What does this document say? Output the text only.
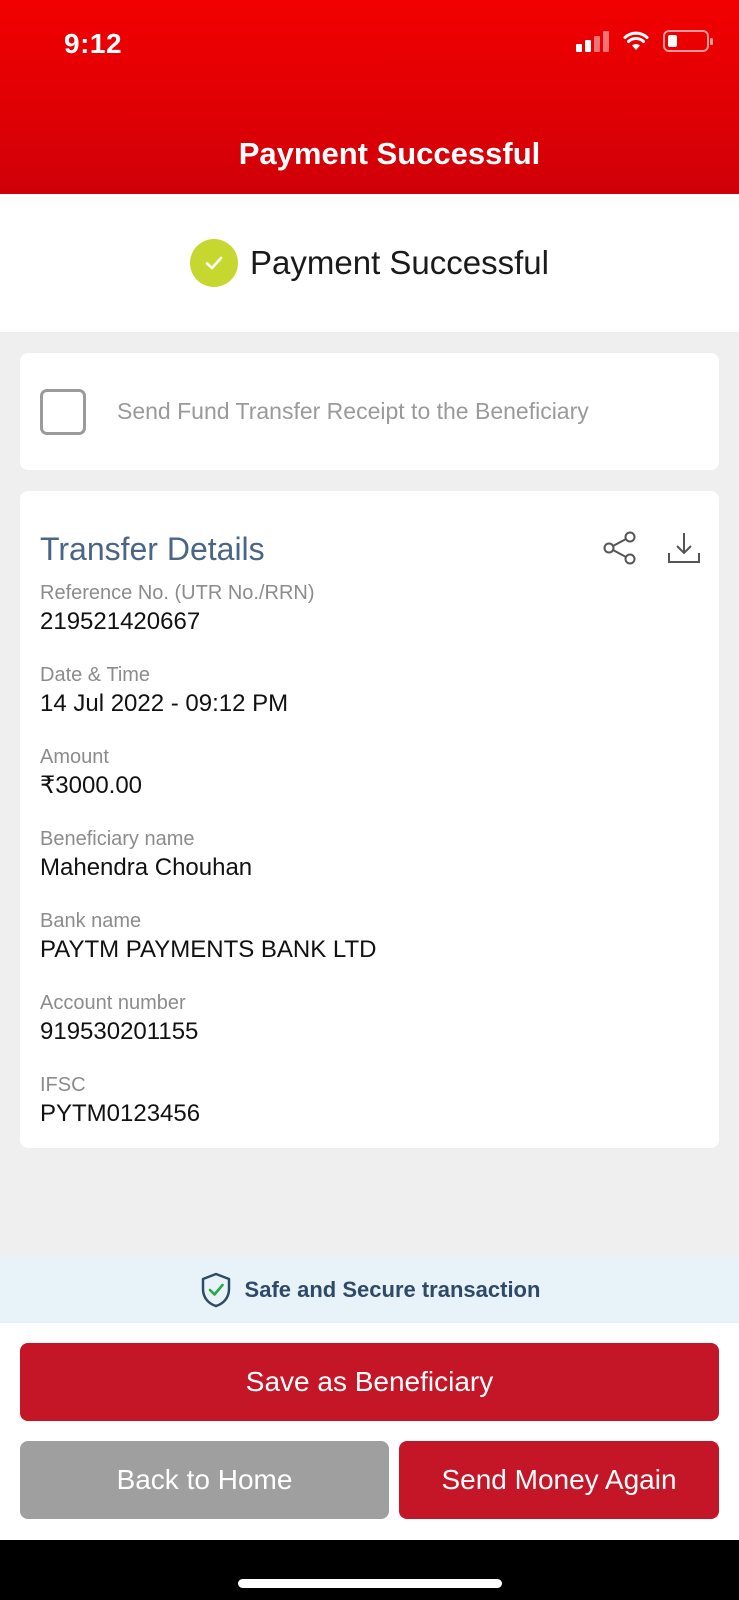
9:12
Payment Successful
Payment Successful
Send Fund Transfer Receipt to the Beneficiary
Transfer Details
Reference No. (UTR No./RRN)
219521420667
Date & Time
14 Jul 2022 - 09:12 PM
Amount
₹3000.00
Beneficiary name
Mahendra Chouhan
Bank name
PAYTM PAYMENTS BANK LTD
Account number
919530201155
IFSC
PYTM0123456
Safe and Secure transaction
Save as Beneficiary
Back to Home	Send Money Again
